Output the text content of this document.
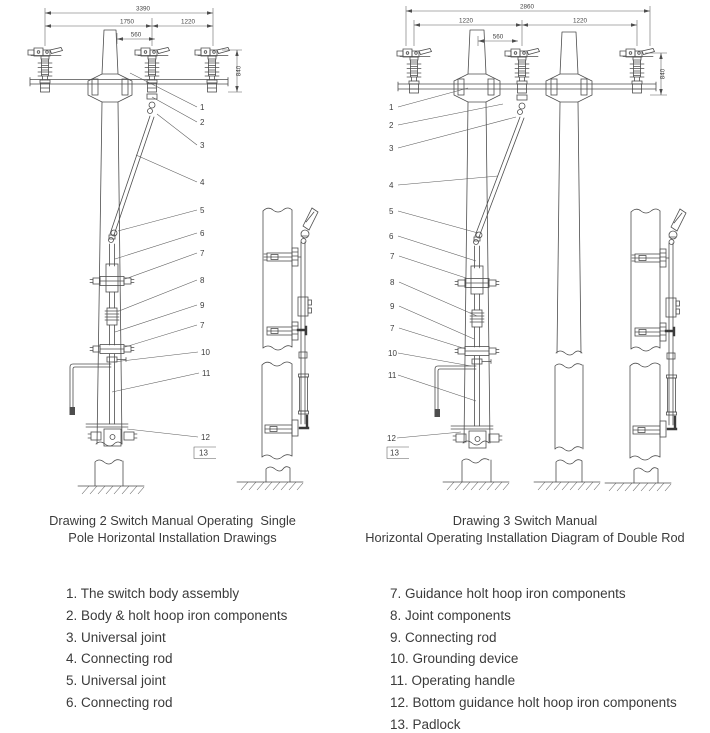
3390
1750	1220
560
840
1
2
3
4
5
6
7
8
9
7
10
11
12
13
2860
1220	1220
560
840
1
2
3
4
5
6
7
8
9
7
10
11
12
13
Drawing 2 Switch Manual Operating  Single
Pole Horizontal Installation Drawings
Drawing 3 Switch Manual
Horizontal Operating Installation Diagram of Double Rod
1. The switch body assembly
2. Body & holt hoop iron components
3. Universal joint
4. Connecting rod
5. Universal joint
6. Connecting rod
7. Guidance holt hoop iron components
8. Joint components
9. Connecting rod
10. Grounding device
11. Operating handle
12. Bottom guidance holt hoop iron components
13. Padlock
